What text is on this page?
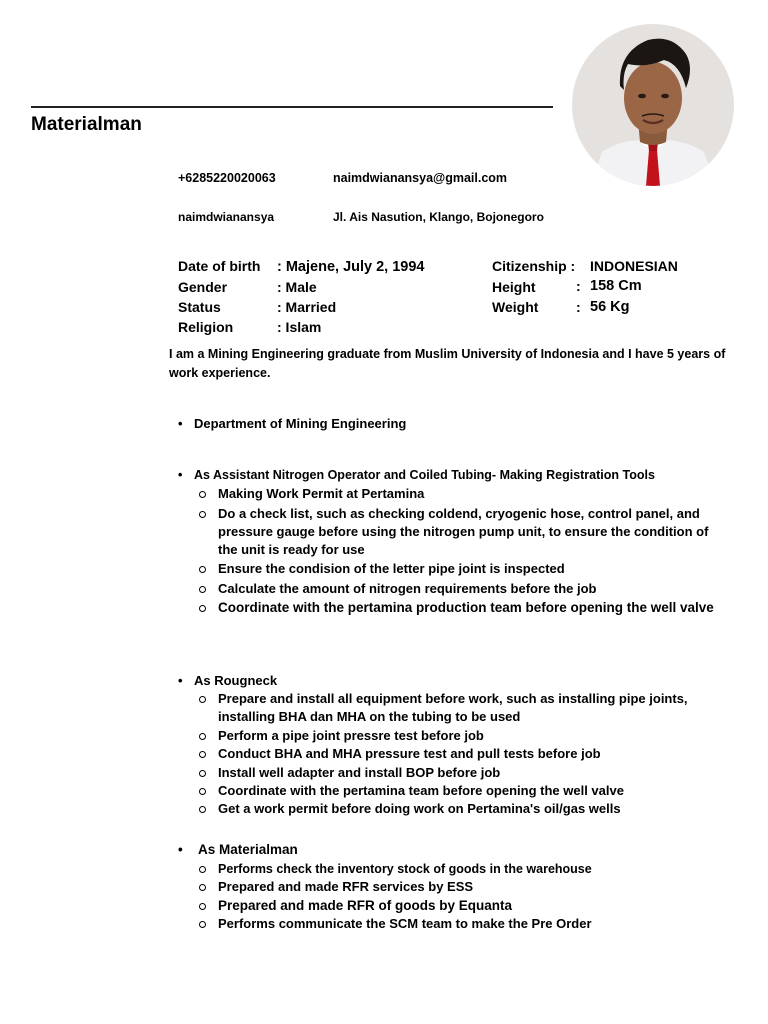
Materialman
+6285220020063	naimdwianansya@gmail.com
naimdwianansya	Jl. Ais Nasution, Klango, Bojonegoro
Date of birth : Majene, July 2, 1994
Gender	: Male
Status	: Married
Religion	: Islam
Citizenship : INDONESIAN
Height	: 158 Cm
Weight	: 56 Kg
I am a Mining Engineering graduate from Muslim University of Indonesia and I have 5 years of work experience.
• Department of Mining Engineering
• As Assistant Nitrogen Operator and Coiled Tubing- Making Registration Tools
Making Work Permit at Pertamina
Do a check list, such as checking coldend, cryogenic hose, control panel, and pressure gauge before using the nitrogen pump unit, to ensure the condition of the unit is ready for use
Ensure the condision of the letter pipe joint is inspected
Calculate the amount of nitrogen requirements before the job
Coordinate with the pertamina production team before opening the well valve
• As Rougneck
Prepare and install all equipment before work, such as installing pipe joints, installing BHA dan MHA on the tubing to be used
Perform a pipe joint pressre test before job
Conduct BHA and MHA pressure test and pull tests before job
Install well adapter and install BOP before job
Coordinate with the pertamina team before opening the well valve
Get a work permit before doing work on Pertamina's oil/gas wells
• As Materialman
Performs check the inventory stock of goods in the warehouse
Prepared and made RFR services by ESS
Prepared and made RFR of goods by Equanta
Performs communicate the SCM team to make the Pre Order
